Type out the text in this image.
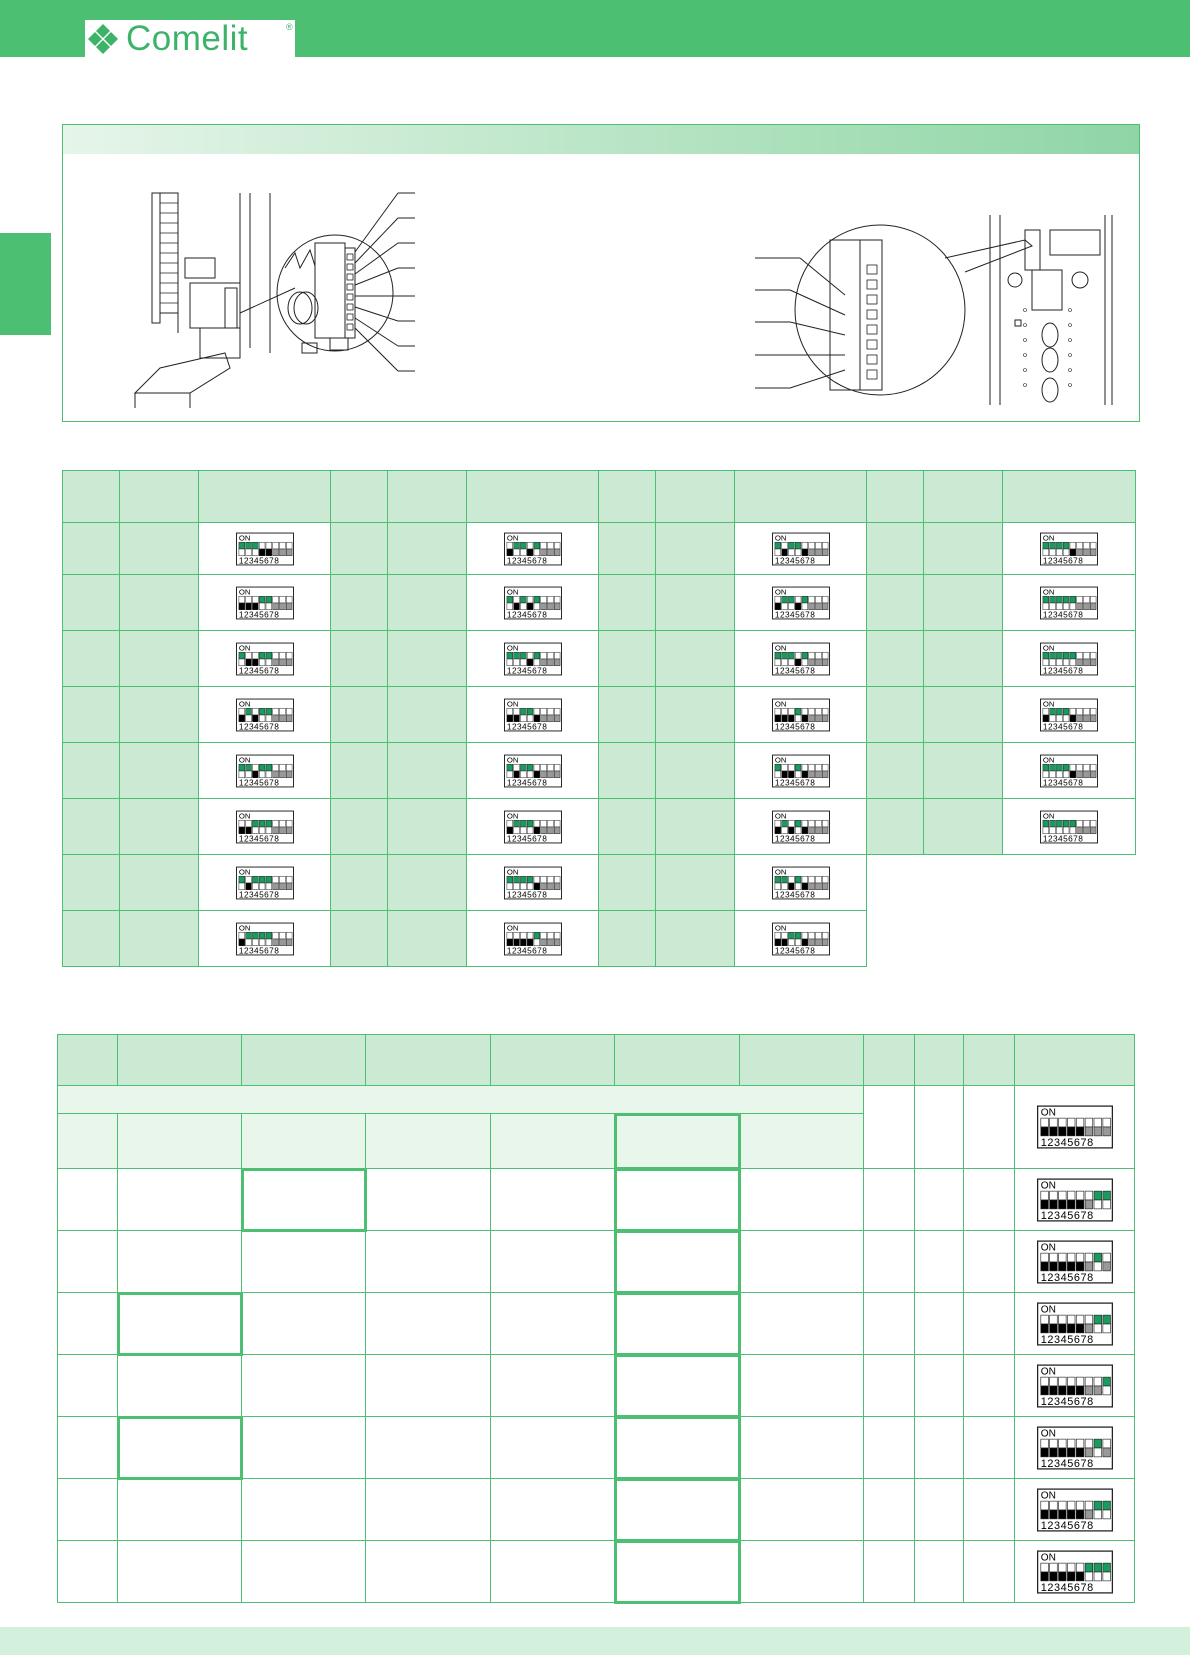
Comelit	®

ON
12345678			ON
12345678			ON
12345678			ON
12345678

ON
12345678			ON
12345678			ON
12345678			ON
12345678

ON
12345678			ON
12345678			ON
12345678			ON
12345678

ON
12345678			ON
12345678			ON
12345678			ON
12345678

ON
12345678			ON
12345678			ON
12345678			ON
12345678

ON
12345678			ON
12345678			ON
12345678			ON
12345678

ON
12345678			ON
12345678			ON
12345678			

ON
12345678			ON
12345678			ON
12345678			

ON
12345678

ON
12345678

ON
12345678

ON
12345678

ON
12345678

ON
12345678

ON
12345678

ON
12345678
